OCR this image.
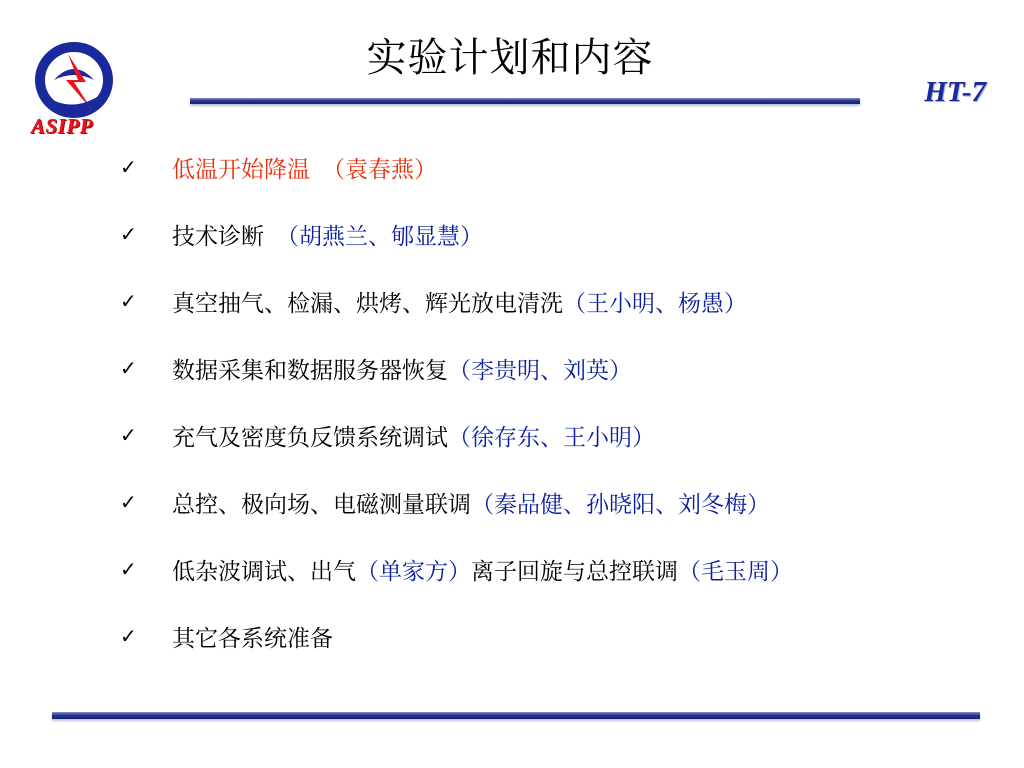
ASIPP
实验计划和内容
HT-7
✓	低温开始降温 （袁春燕）
✓	技术诊断 （胡燕兰、郇显慧）
✓	真空抽气、检漏、烘烤、辉光放电清洗（王小明、杨愚）
✓	数据采集和数据服务器恢复（李贵明、刘英）
✓	充气及密度负反馈系统调试（徐存东、王小明）
✓	总控、极向场、电磁测量联调（秦品健、孙晓阳、刘冬梅）
✓	低杂波调试、出气（单家方）离子回旋与总控联调（毛玉周）
✓	其它各系统准备
